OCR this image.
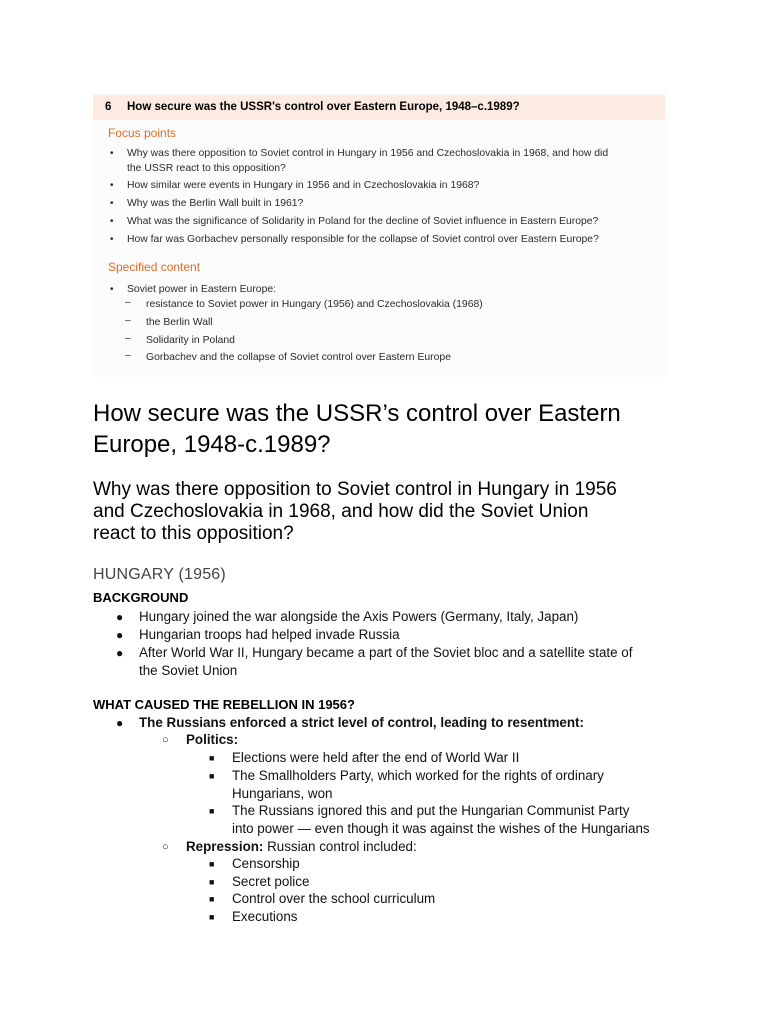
6 How secure was the USSR's control over Eastern Europe, 1948–c.1989?
Focus points
• Why was there opposition to Soviet control in Hungary in 1956 and Czechoslovakia in 1968, and how did
the USSR react to this opposition?
• How similar were events in Hungary in 1956 and in Czechoslovakia in 1968?
• Why was the Berlin Wall built in 1961?
• What was the significance of Solidarity in Poland for the decline of Soviet influence in Eastern Europe?
• How far was Gorbachev personally responsible for the collapse of Soviet control over Eastern Europe?
Specified content
• Soviet power in Eastern Europe:
– resistance to Soviet power in Hungary (1956) and Czechoslovakia (1968)
– the Berlin Wall
– Solidarity in Poland
– Gorbachev and the collapse of Soviet control over Eastern Europe
How secure was the USSR’s control over Eastern
Europe, 1948-c.1989?
Why was there opposition to Soviet control in Hungary in 1956
and Czechoslovakia in 1968, and how did the Soviet Union
react to this opposition?
HUNGARY (1956)
BACKGROUND
● Hungary joined the war alongside the Axis Powers (Germany, Italy, Japan)
● Hungarian troops had helped invade Russia
● After World War II, Hungary became a part of the Soviet bloc and a satellite state of
the Soviet Union
WHAT CAUSED THE REBELLION IN 1956?
● The Russians enforced a strict level of control, leading to resentment:
○ Politics:
■ Elections were held after the end of World War II
■ The Smallholders Party, which worked for the rights of ordinary
Hungarians, won
■ The Russians ignored this and put the Hungarian Communist Party
into power — even though it was against the wishes of the Hungarians
○ Repression: Russian control included:
■ Censorship
■ Secret police
■ Control over the school curriculum
■ Executions
